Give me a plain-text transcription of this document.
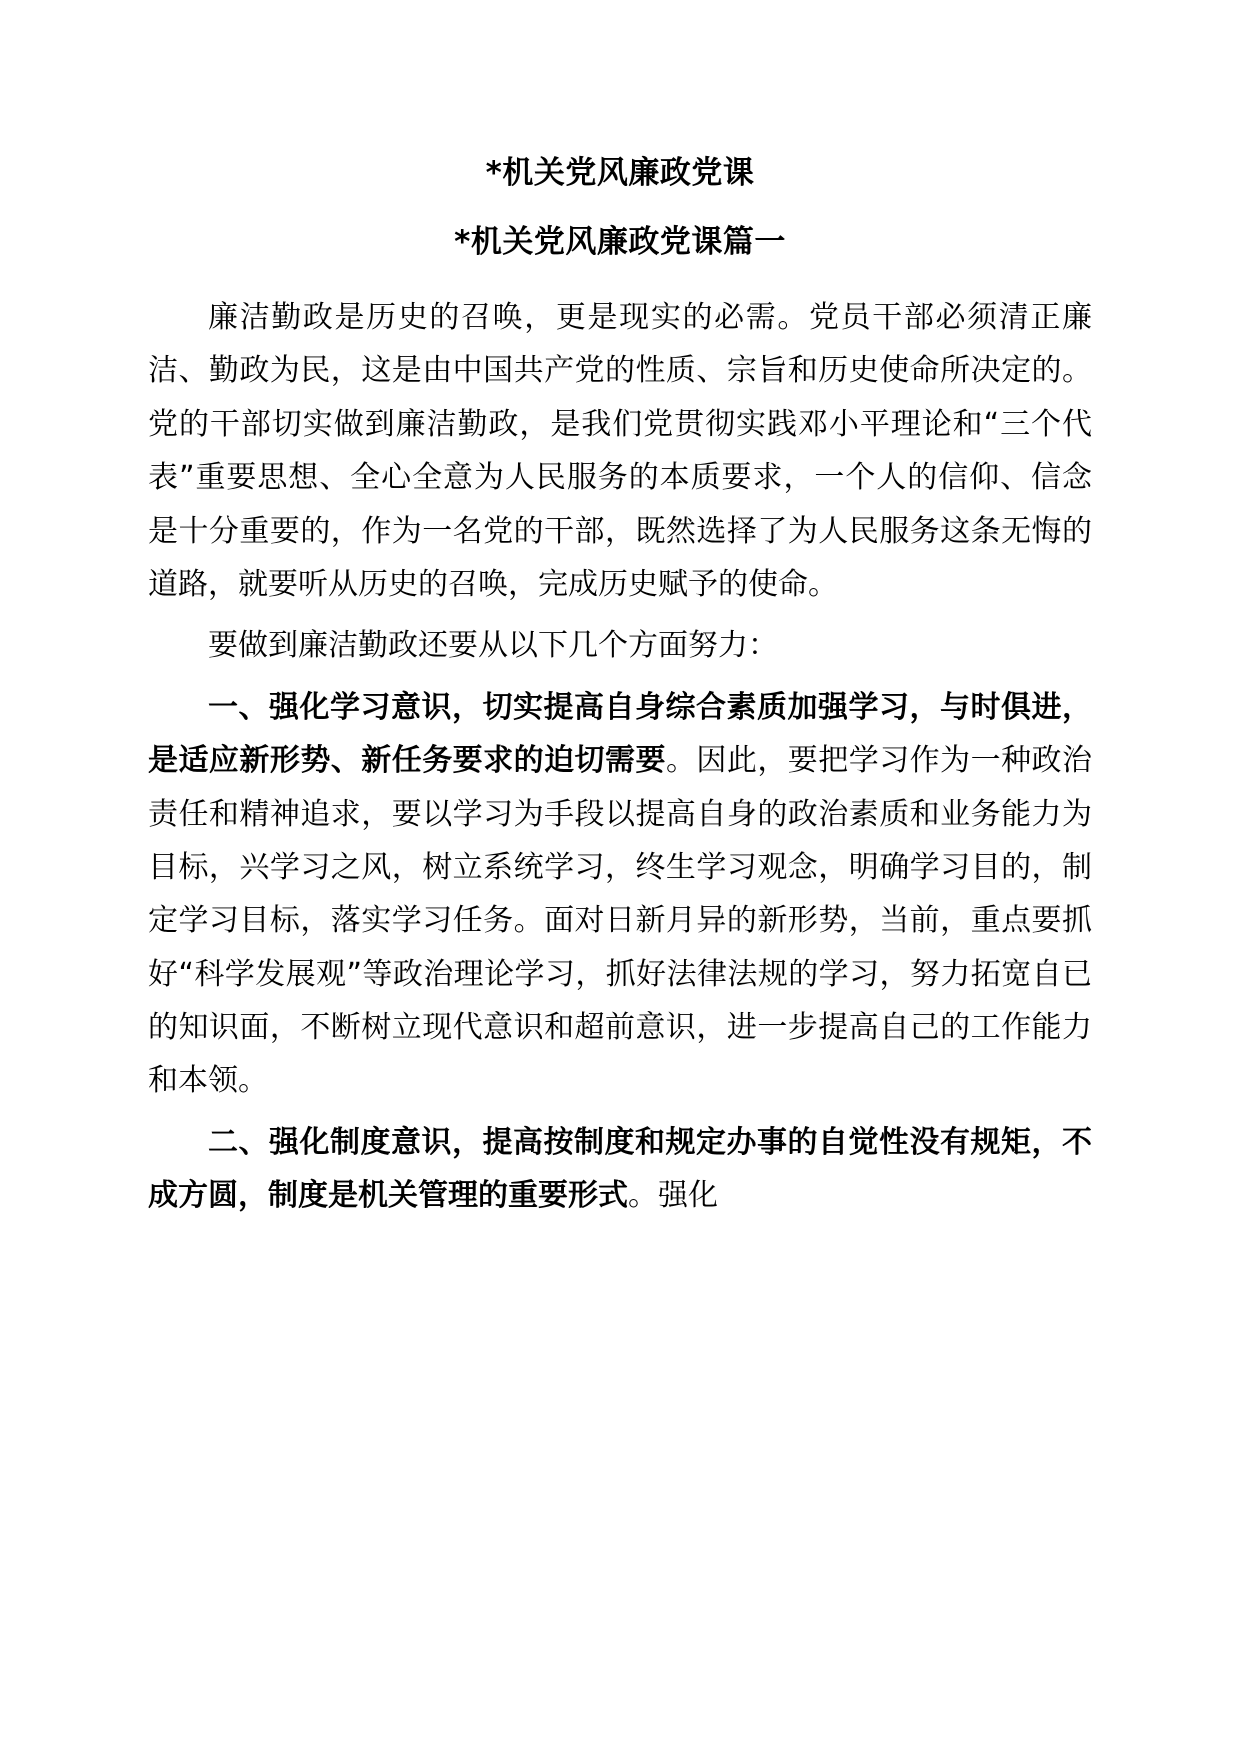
*机关党风廉政党课
*机关党风廉政党课篇一

廉洁勤政是历史的召唤，更是现实的必需。党员干部必须清正廉洁、勤政为民，这是由中国共产党的性质、宗旨和历史使命所决定的。党的干部切实做到廉洁勤政，是我们党贯彻实践邓小平理论和“三个代表”重要思想、全心全意为人民服务的本质要求，一个人的信仰、信念是十分重要的，作为一名党的干部，既然选择了为人民服务这条无悔的道路，就要听从历史的召唤，完成历史赋予的使命。

要做到廉洁勤政还要从以下几个方面努力：

一、强化学习意识，切实提高自身综合素质加强学习，与时俱进，是适应新形势、新任务要求的迫切需要。因此，要把学习作为一种政治责任和精神追求，要以学习为手段以提高自身的政治素质和业务能力为目标，兴学习之风，树立系统学习，终生学习观念，明确学习目的，制定学习目标，落实学习任务。面对日新月异的新形势，当前，重点要抓好“科学发展观”等政治理论学习，抓好法律法规的学习，努力拓宽自已的知识面，不断树立现代意识和超前意识，进一步提高自己的工作能力和本领。

二、强化制度意识，提高按制度和规定办事的自觉性没有规矩，不成方圆，制度是机关管理的重要形式。强化
